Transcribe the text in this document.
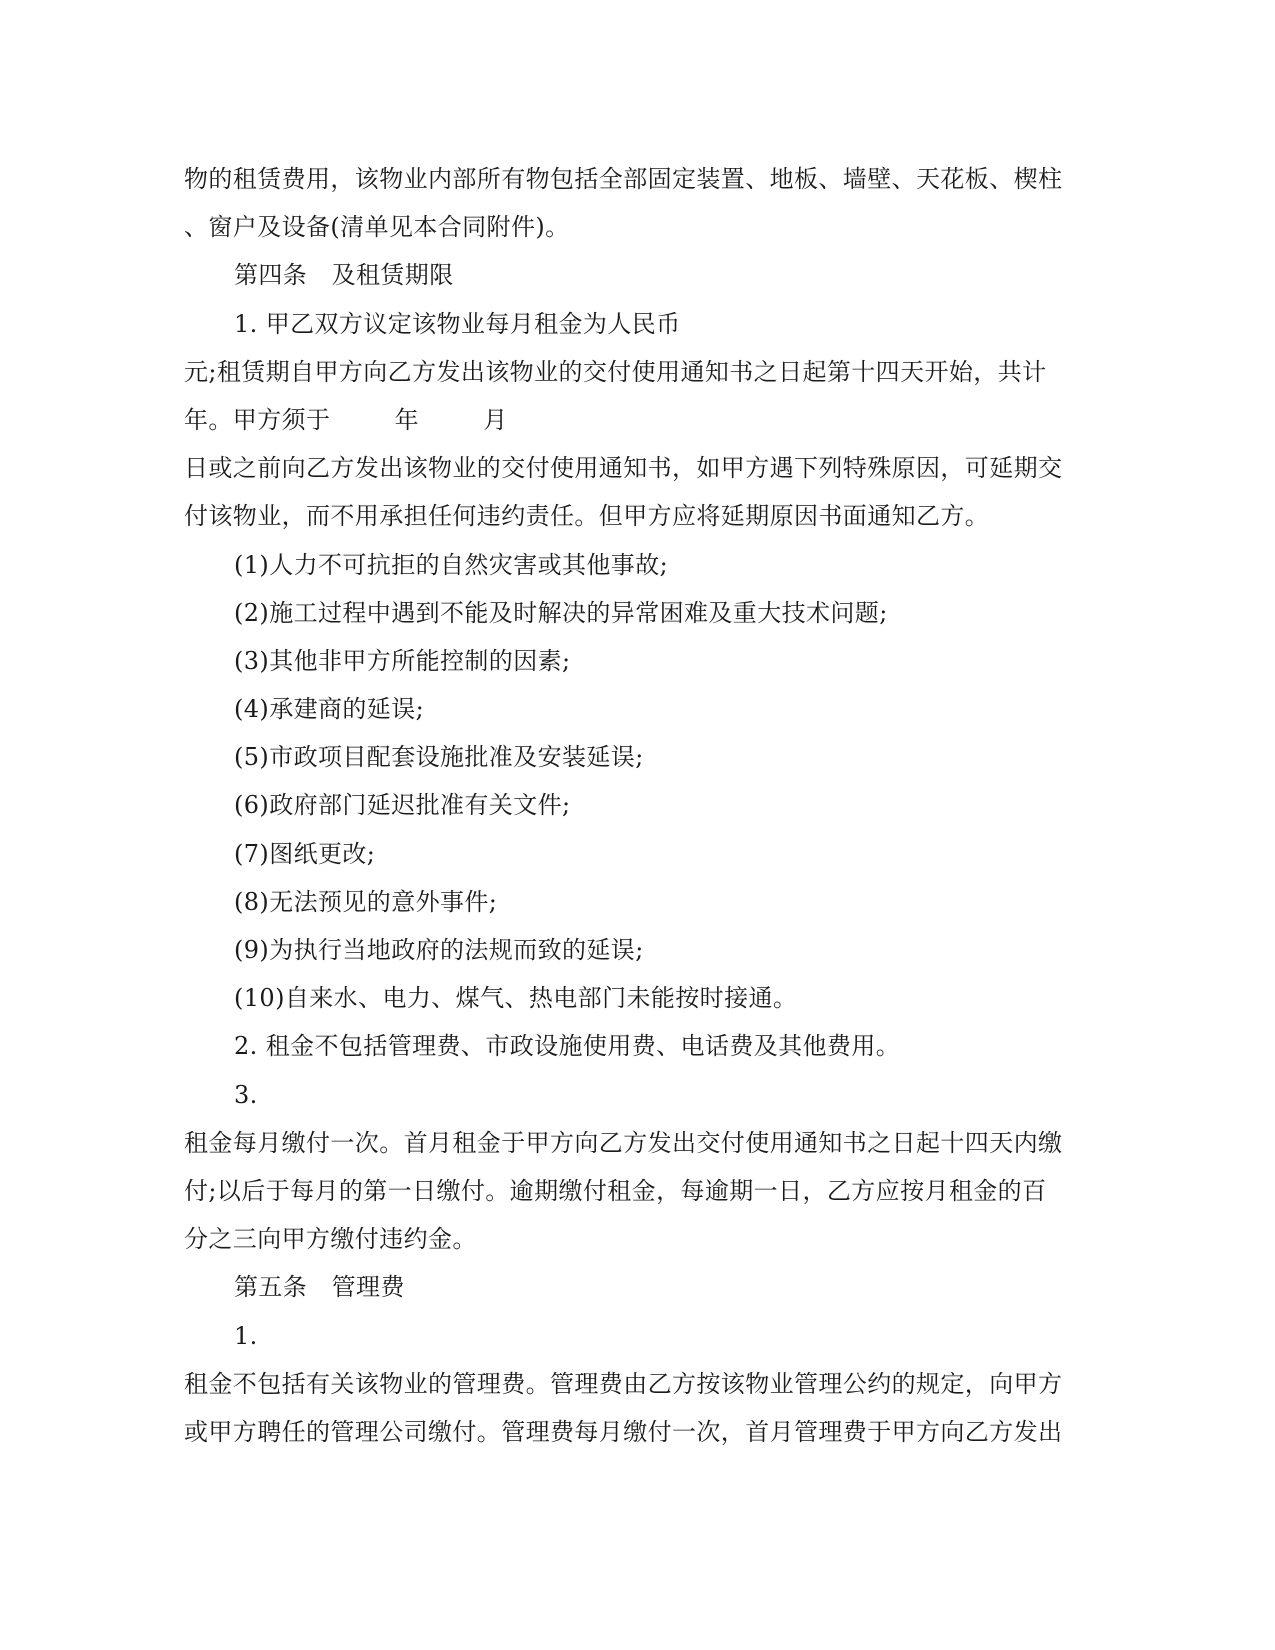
物的租赁费用，该物业内部所有物包括全部固定装置、地板、墙壁、天花板、楔柱
、窗户及设备(清单见本合同附件)。
第四条　及租赁期限
1. 甲乙双方议定该物业每月租金为人民币
元;租赁期自甲方向乙方发出该物业的交付使用通知书之日起第十四天开始，共计
年。甲方须于        年        月
日或之前向乙方发出该物业的交付使用通知书，如甲方遇下列特殊原因，可延期交
付该物业，而不用承担任何违约责任。但甲方应将延期原因书面通知乙方。
(1)人力不可抗拒的自然灾害或其他事故;
(2)施工过程中遇到不能及时解决的异常困难及重大技术问题;
(3)其他非甲方所能控制的因素;
(4)承建商的延误;
(5)市政项目配套设施批准及安装延误;
(6)政府部门延迟批准有关文件;
(7)图纸更改;
(8)无法预见的意外事件;
(9)为执行当地政府的法规而致的延误;
(10)自来水、电力、煤气、热电部门未能按时接通。
2. 租金不包括管理费、市政设施使用费、电话费及其他费用。
3.
租金每月缴付一次。首月租金于甲方向乙方发出交付使用通知书之日起十四天内缴
付;以后于每月的第一日缴付。逾期缴付租金，每逾期一日，乙方应按月租金的百
分之三向甲方缴付违约金。
第五条　管理费
1.
租金不包括有关该物业的管理费。管理费由乙方按该物业管理公约的规定，向甲方
或甲方聘任的管理公司缴付。管理费每月缴付一次，首月管理费于甲方向乙方发出
